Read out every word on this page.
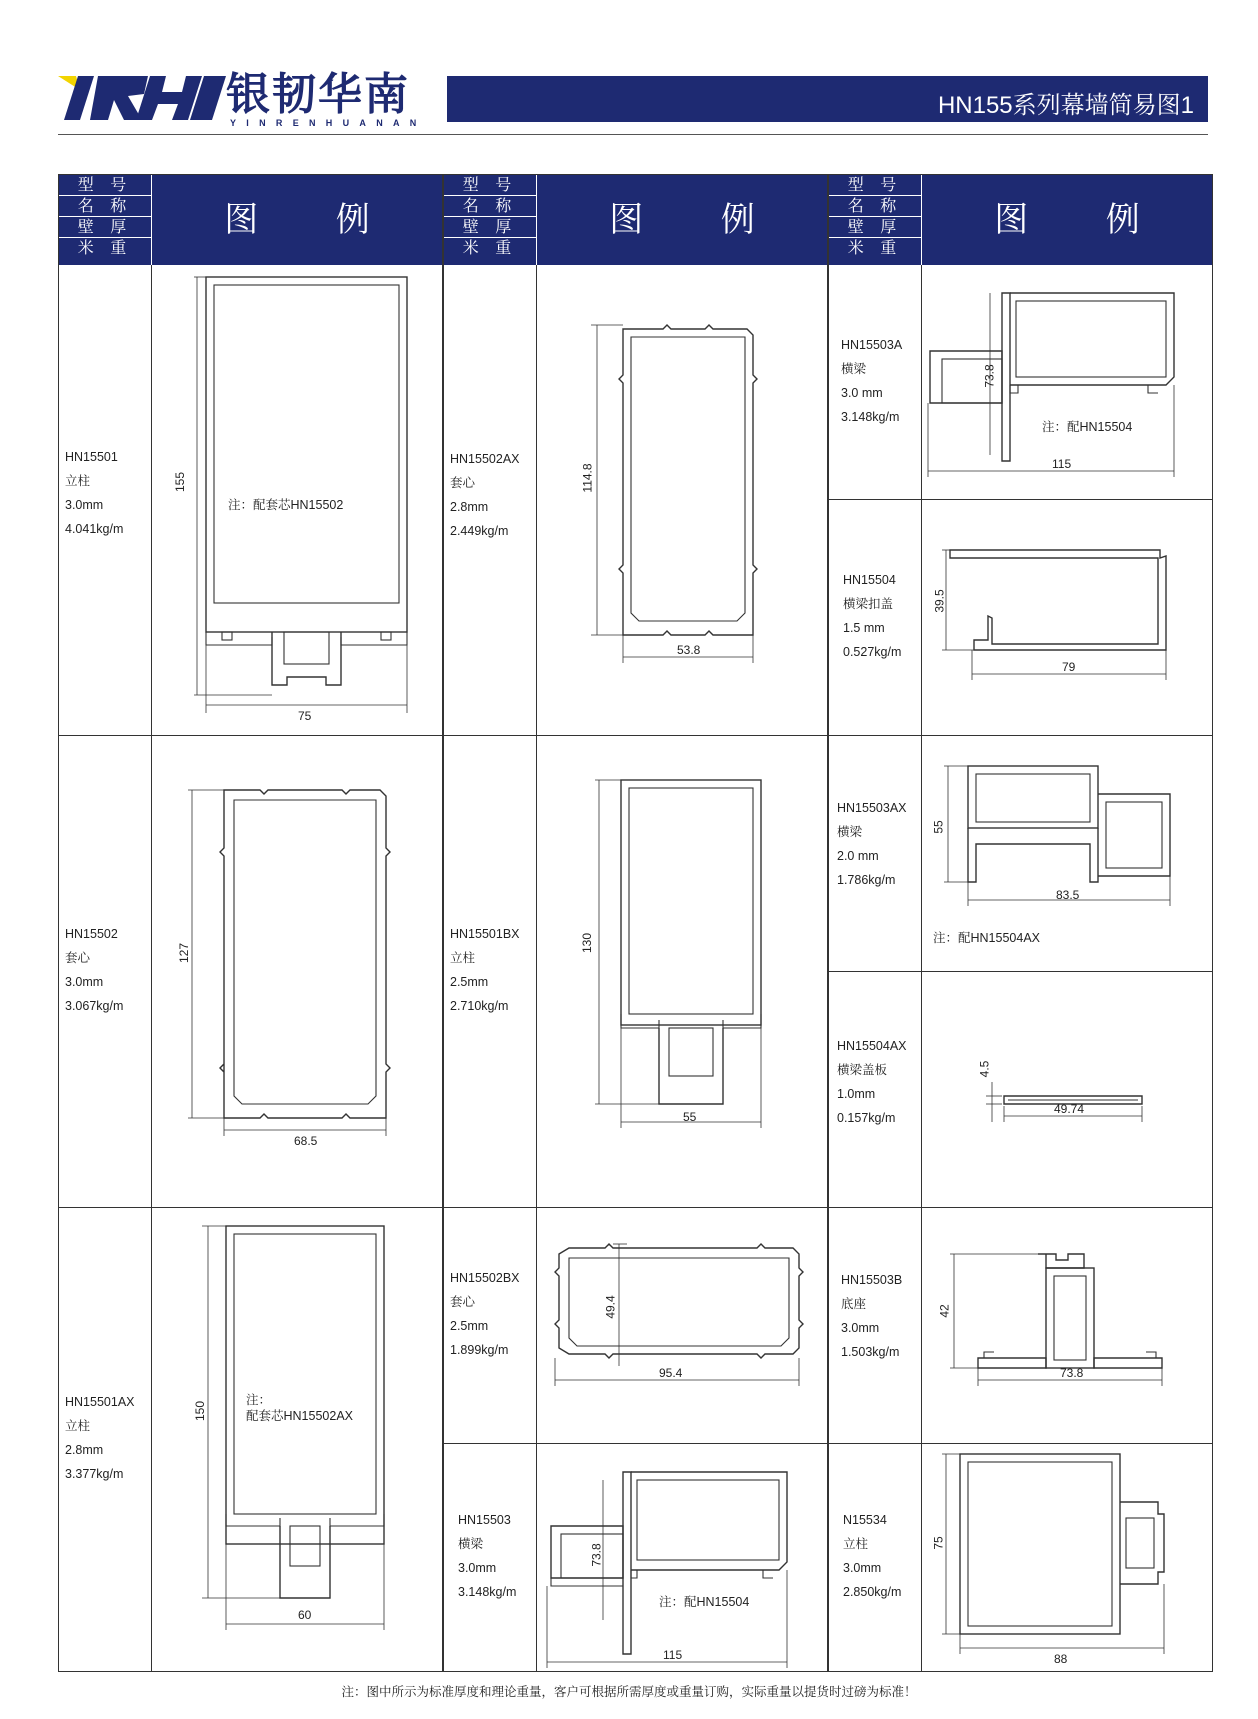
银韧华南
YINRENHUANAN
HN155系列幕墙简易图1
型 号
名 称
壁 厚
米 重
图 例
HN15501
立柱
3.0mm
4.041kg/m
155
75
注：配套芯HN15502
HN15502
套心
3.0mm
3.067kg/m
127
68.5
HN15501AX
立柱
2.8mm
3.377kg/m
150
60
注：
配套芯HN15502AX
型 号
名 称
壁 厚
米 重
图 例
HN15502AX
套心
2.8mm
2.449kg/m
114.8
53.8
HN15501BX
立柱
2.5mm
2.710kg/m
130
55
HN15502BX
套心
2.5mm
1.899kg/m
49.4
95.4
HN15503
横梁
3.0mm
3.148kg/m
73.8
115
注：配HN15504
型 号
名 称
壁 厚
米 重
图 例
HN15503A
横梁
3.0 mm
3.148kg/m
73.8
115
注：配HN15504
HN15504
横梁扣盖
1.5 mm
0.527kg/m
39.5
79
HN15503AX
横梁
2.0 mm
1.786kg/m
55
83.5
注：配HN15504AX
HN15504AX
横梁盖板
1.0mm
0.157kg/m
4.5
49.74
HN15503B
底座
3.0mm
1.503kg/m
42
73.8
N15534
立柱
3.0mm
2.850kg/m
75
88
注：图中所示为标准厚度和理论重量，客户可根据所需厚度或重量订购，实际重量以提货时过磅为标准！
